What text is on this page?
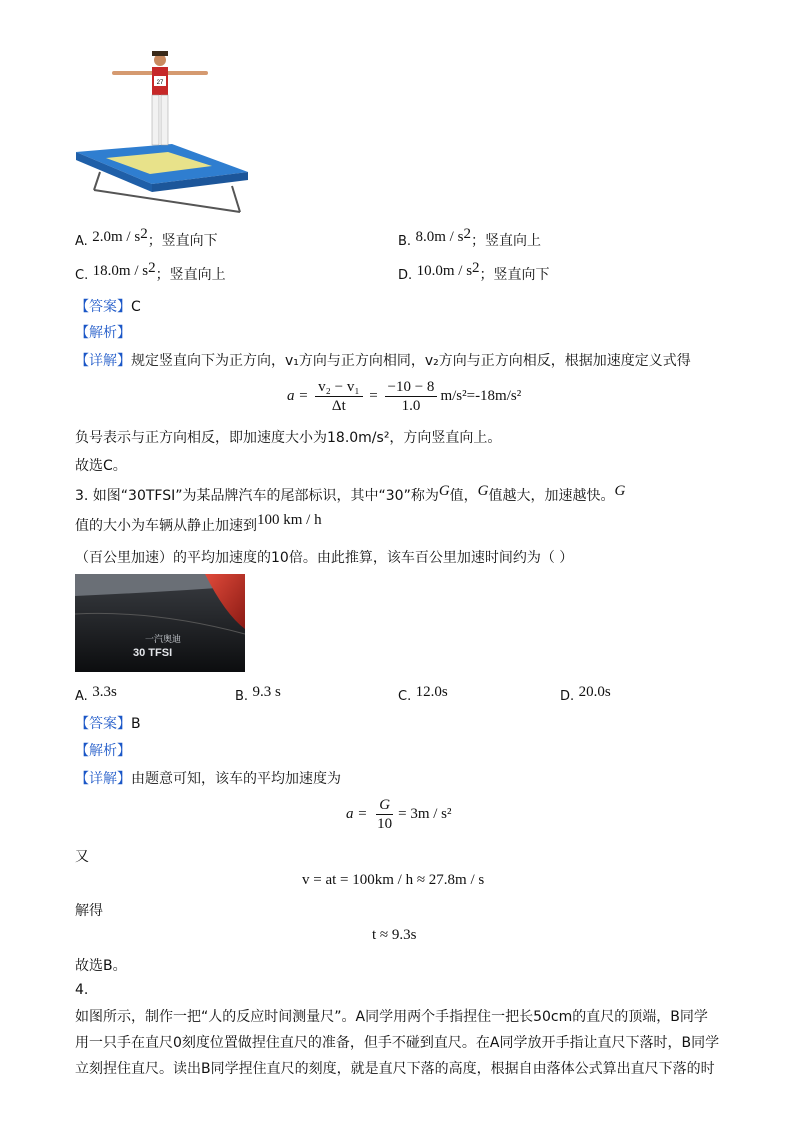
27
A. 2.0m / s2；竖直向下	B. 8.0m / s2；竖直向上
C. 18.0m / s2；竖直向上	D. 10.0m / s2；竖直向下
【答案】C
【解析】
【详解】规定竖直向下为正方向，v₁方向与正方向相同，v₂方向与正方向相反，根据加速度定义式得
$a = \frac{\text{v₂ − v₁}}{\Delta t} = \frac{-10 - 8}{1.0} m/s^2=-18m/s^2$
负号表示与正方向相反，即加速度大小为18.0m/s²，方向竖直向上。
故选C。
3. 如图“30TFSI”为某品牌汽车的尾部标识，其中“30”称为G值，G值越大，加速越快。G
值的大小为车辆从静止加速到100 km / h
（百公里加速）的平均加速度的10倍。由此推算，该车百公里加速时间约为（ ）
一汽奥迪
30 TFSI
A. 3.3s	B. 9.3 s	C. 12.0s	D. 20.0s
【答案】B
【解析】
【详解】由题意可知，该车的平均加速度为
$a = \frac{G}{10} = 3m / s^2$
又
v = at = 100km / h ≈ 27.8m / s
解得
t ≈ 9.3s
故选B。
4.
如图所示，制作一把“人的反应时间测量尺”。A同学用两个手指捏住一把长50cm的直尺的顶端，B同学
用一只手在直尺0刻度位置做捏住直尺的准备，但手不碰到直尺。在A同学放开手指让直尺下落时，B同学
立刻捏住直尺。读出B同学捏住直尺的刻度，就是直尺下落的高度，根据自由落体公式算出直尺下落的时
